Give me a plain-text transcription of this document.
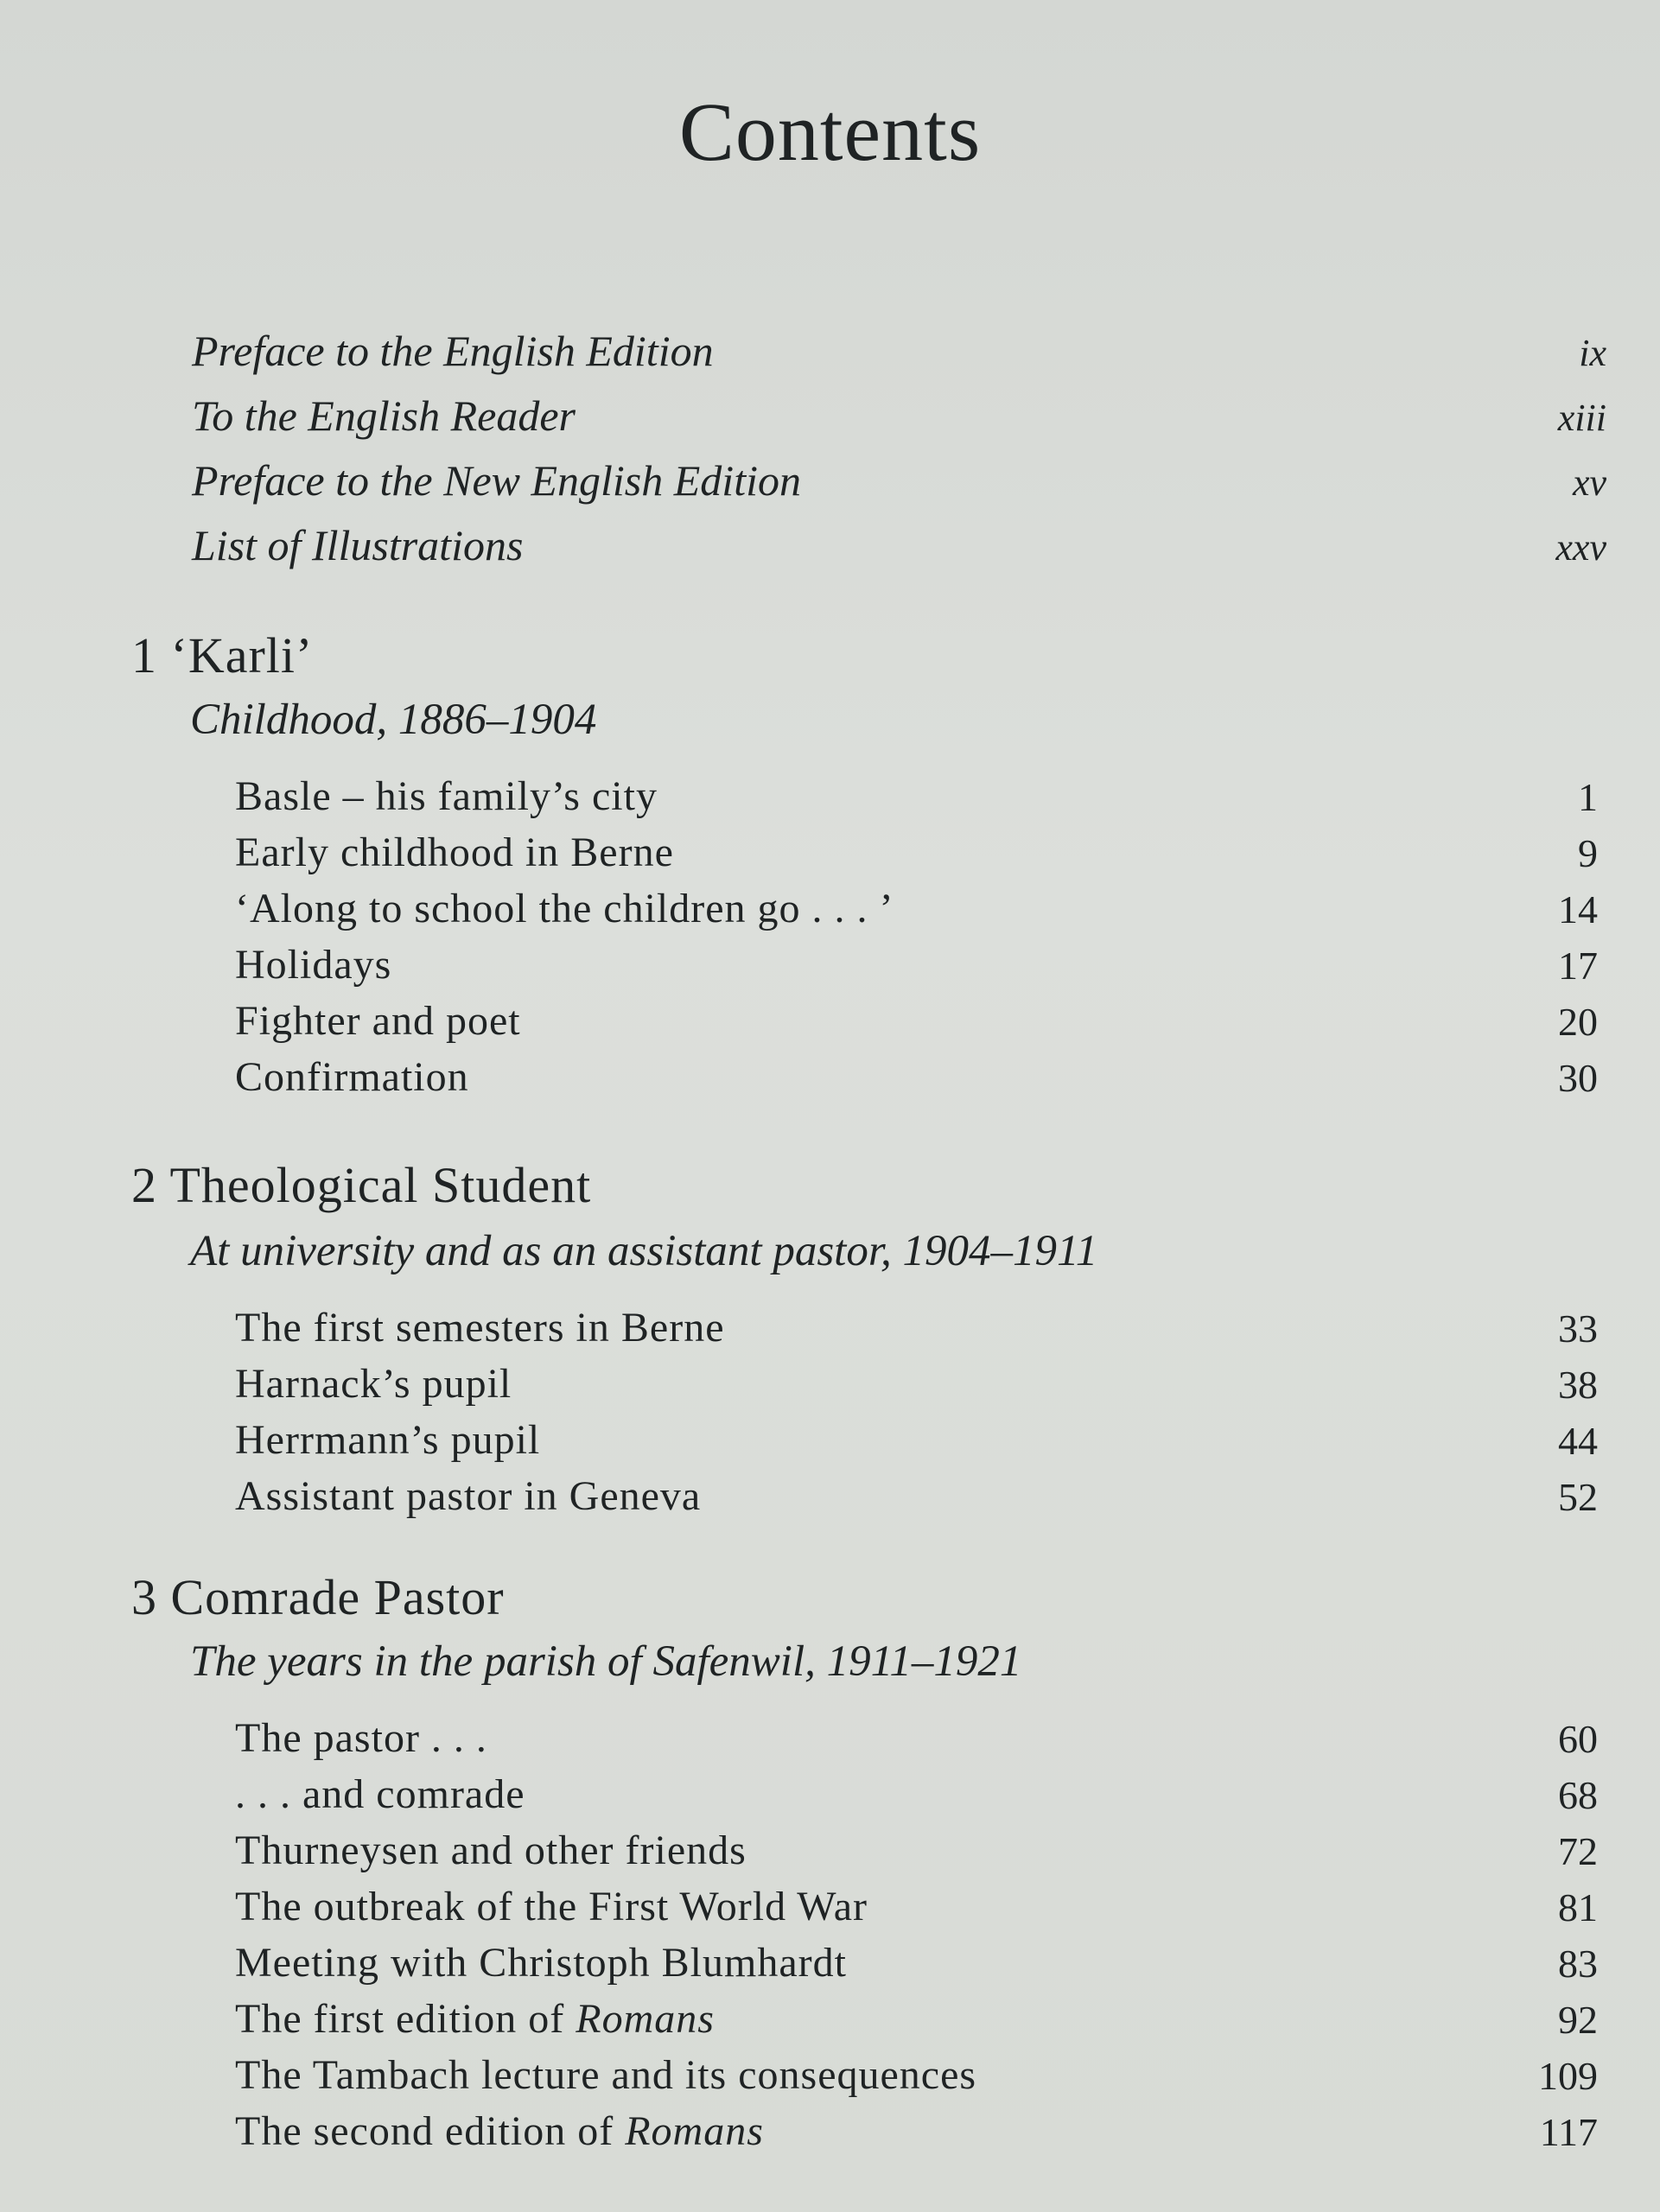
Contents
Preface to the English Edition	ix
To the English Reader	xiii
Preface to the New English Edition	xv
List of Illustrations	xxv
1 ‘Karli’
Childhood, 1886–1904
Basle – his family’s city	1
Early childhood in Berne	9
‘Along to school the children go . . . ’	14
Holidays	17
Fighter and poet	20
Confirmation	30
2 Theological Student
At university and as an assistant pastor, 1904–1911
The first semesters in Berne	33
Harnack’s pupil	38
Herrmann’s pupil	44
Assistant pastor in Geneva	52
3 Comrade Pastor
The years in the parish of Safenwil, 1911–1921
The pastor . . .	60
. . . and comrade	68
Thurneysen and other friends	72
The outbreak of the First World War	81
Meeting with Christoph Blumhardt	83
The first edition of Romans	92
The Tambach lecture and its consequences	109
The second edition of Romans	117
